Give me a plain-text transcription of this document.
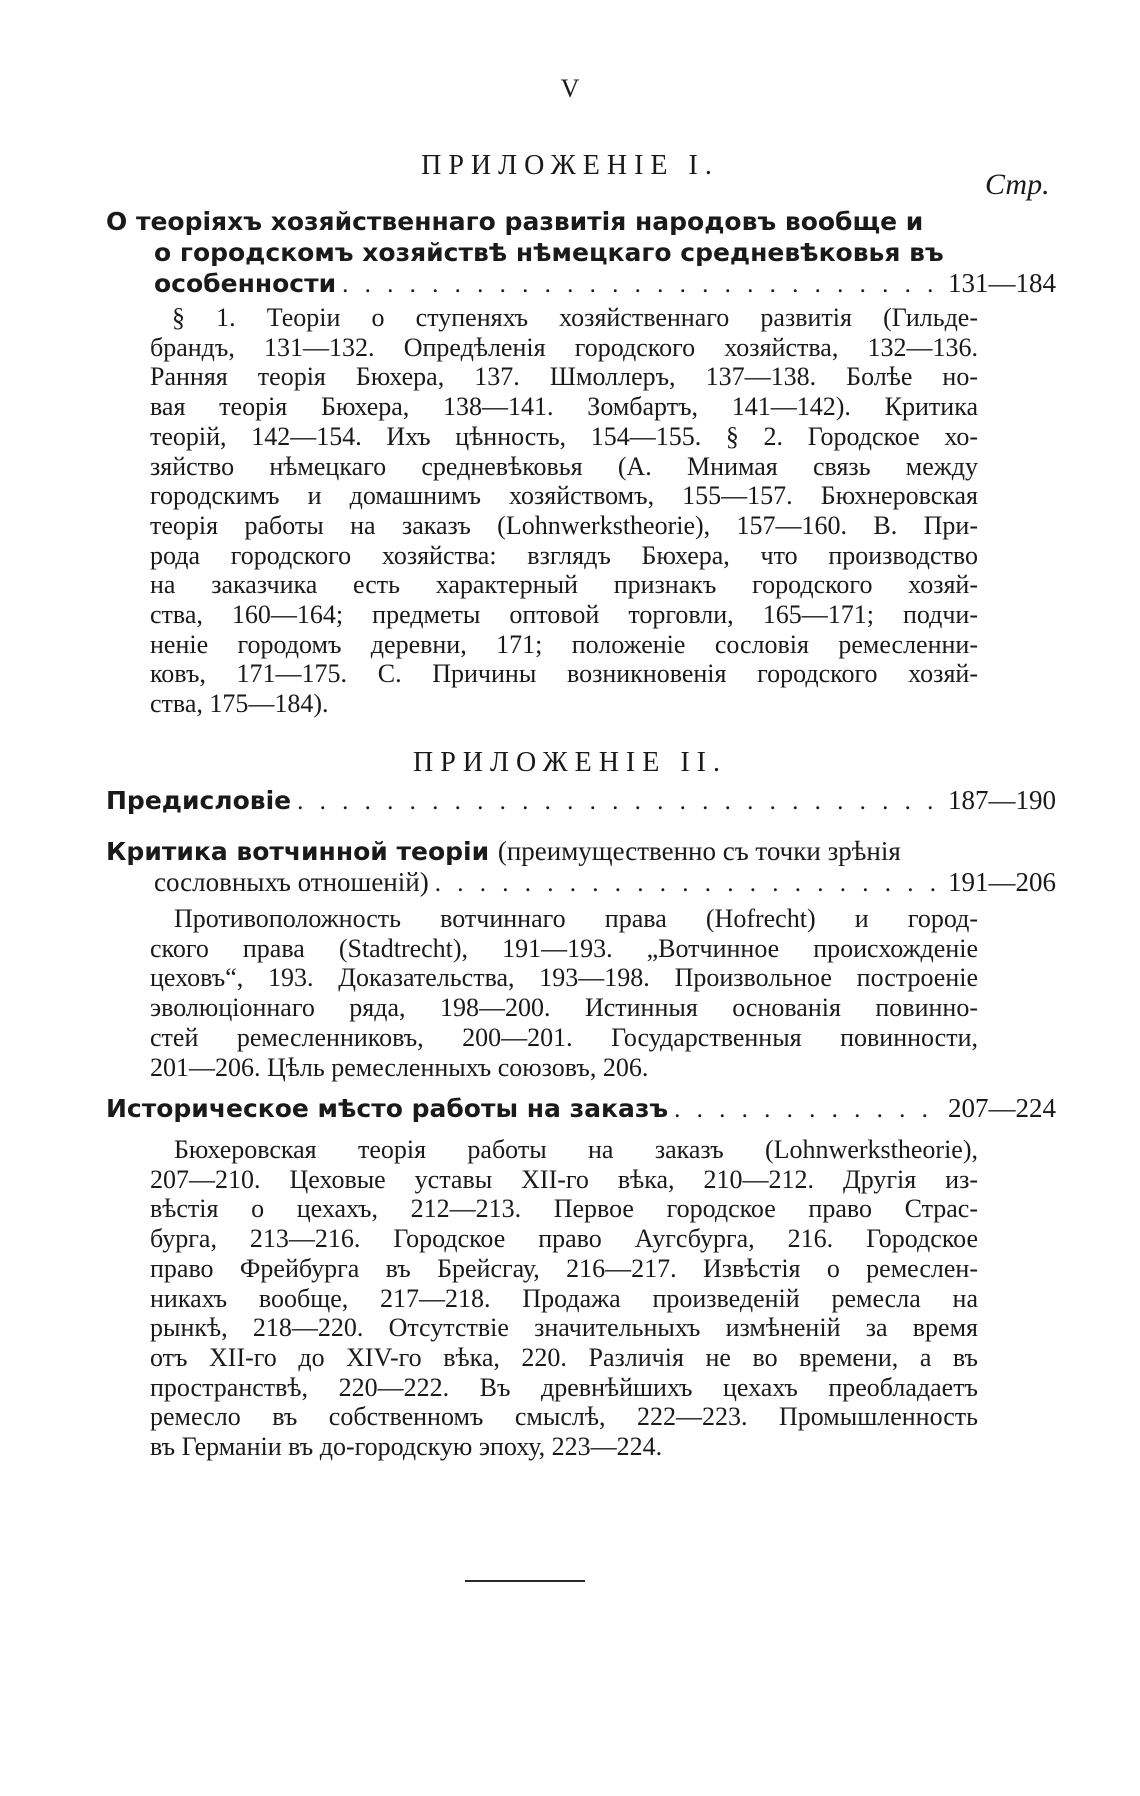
V
ПРИЛОЖЕНІЕ I.
Стр.
О теоріяхъ хозяйственнаго развитія народовъ вообще и
о городскомъ хозяйствѣ нѣмецкаго средневѣковья въ
особенности . . .	131—184
§ 1. Теоріи о ступеняхъ хозяйственнаго развитія (Гильде-
брандъ, 131—132. Опредѣленія городского хозяйства, 132—136.
Ранняя теорія Бюхера, 137. Шмоллеръ, 137—138. Болѣе но-
вая теорія Бюхера, 138—141. Зомбартъ, 141—142). Критика
теорій, 142—154. Ихъ цѣнность, 154—155. § 2. Городское хо-
зяйство нѣмецкаго средневѣковья (А. Мнимая связь между
городскимъ и домашнимъ хозяйствомъ, 155—157. Бюхнеровская
теорія работы на заказъ (Lohnwerkstheorie), 157—160. В. При-
рода городского хозяйства: взглядъ Бюхера, что производство
на заказчика есть характерный признакъ городского хозяй-
ства, 160—164; предметы оптовой торговли, 165—171; подчи-
неніе городомъ деревни, 171; положеніе сословія ремесленни-
ковъ, 171—175. С. Причины возникновенія городского хозяй-
ства, 175—184).
ПРИЛОЖЕНІЕ II.
Предисловіе . . .	187—190
Критика вотчинной теоріи (преимущественно съ точки зрѣнія
сословныхъ отношеній) . . .	191—206
Противоположность вотчиннаго права (Hofrecht) и город-
ского права (Stadtrecht), 191—193. „Вотчинное происхожденіе
цеховъ“, 193. Доказательства, 193—198. Произвольное построеніе
эволюціоннаго ряда, 198—200. Истинныя основанія повинно-
стей ремесленниковъ, 200—201. Государственныя повинности,
201—206. Цѣль ремесленныхъ союзовъ, 206.
Историческое мѣсто работы на заказъ . . .	207—224
Бюхеровская теорія работы на заказъ (Lohnwerkstheorie),
207—210. Цеховые уставы XII-го вѣка, 210—212. Другія из-
вѣстія о цехахъ, 212—213. Первое городское право Страс-
бурга, 213—216. Городское право Аугсбурга, 216. Городское
право Фрейбурга въ Брейсгау, 216—217. Извѣстія о ремеслен-
никахъ вообще, 217—218. Продажа произведеній ремесла на
рынкѣ, 218—220. Отсутствіе значительныхъ измѣненій за время
отъ XII-го до XIV-го вѣка, 220. Различія не во времени, а въ
пространствѣ, 220—222. Въ древнѣйшихъ цехахъ преобладаетъ
ремесло въ собственномъ смыслѣ, 222—223. Промышленность
въ Германіи въ до-городскую эпоху, 223—224.
